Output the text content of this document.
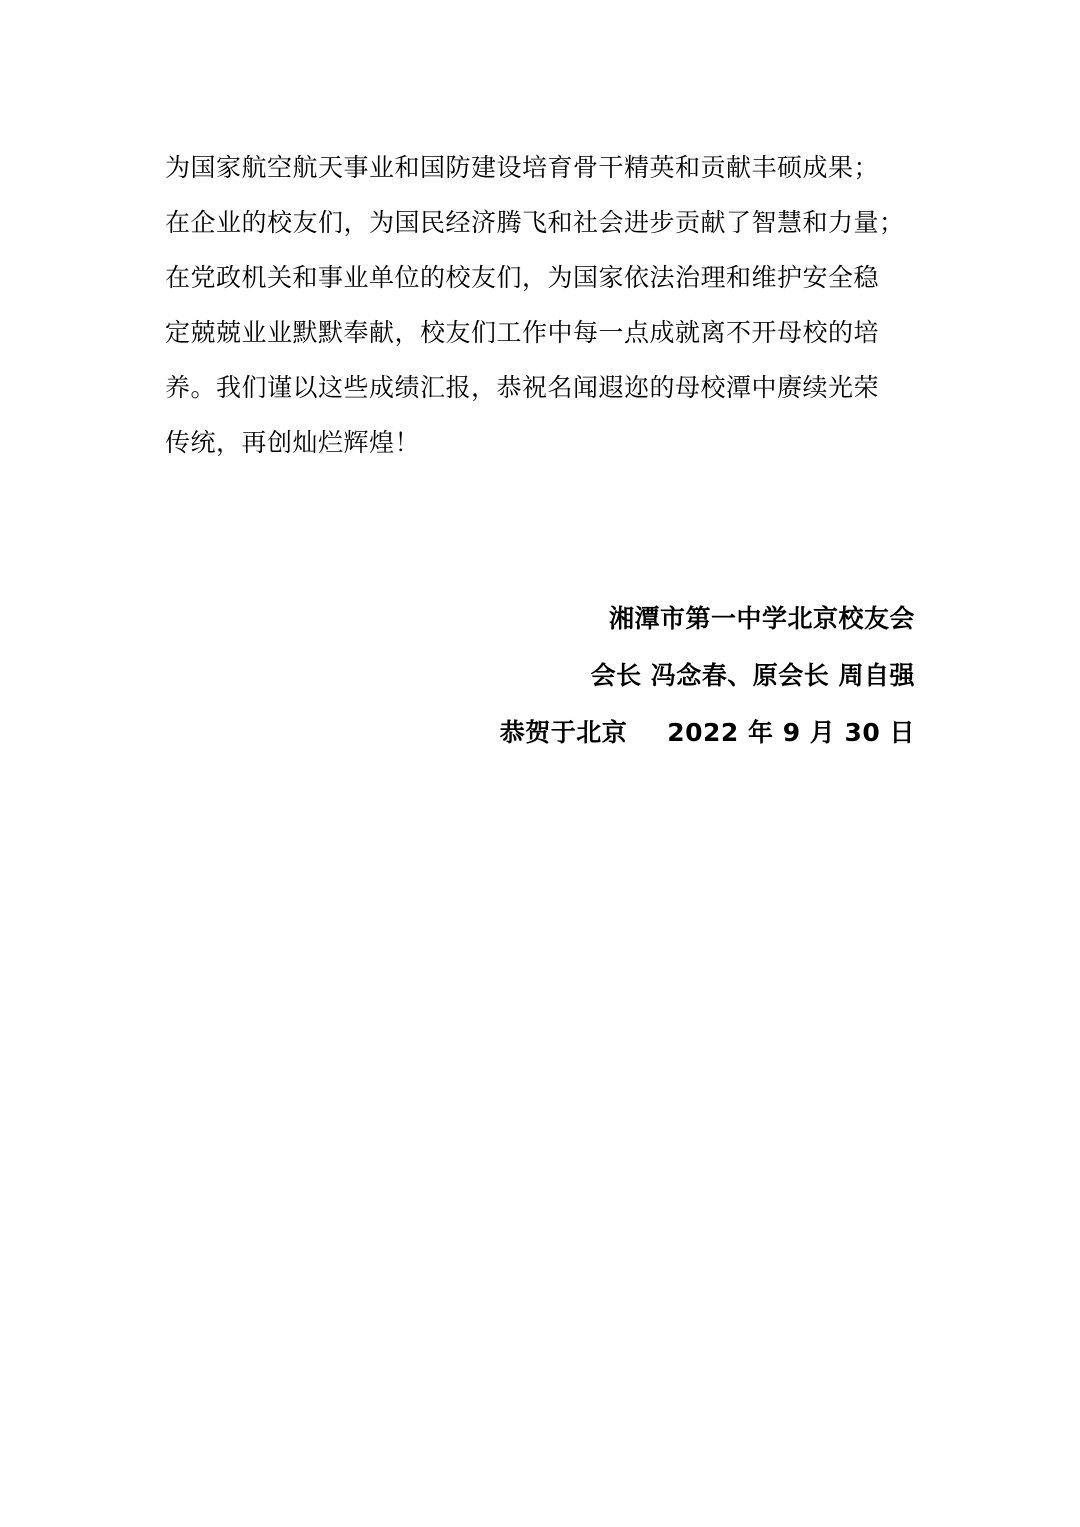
为国家航空航天事业和国防建设培育骨干精英和贡献丰硕成果；
在企业的校友们，为国民经济腾飞和社会进步贡献了智慧和力量；
在党政机关和事业单位的校友们，为国家依法治理和维护安全稳
定兢兢业业默默奉献，校友们工作中每一点成就离不开母校的培
养。我们谨以这些成绩汇报，恭祝名闻遐迩的母校潭中赓续光荣
传统，再创灿烂辉煌！
湘潭市第一中学北京校友会
会长 冯念春、原会长 周自强
恭贺于北京 2022 年 9 月 30 日
